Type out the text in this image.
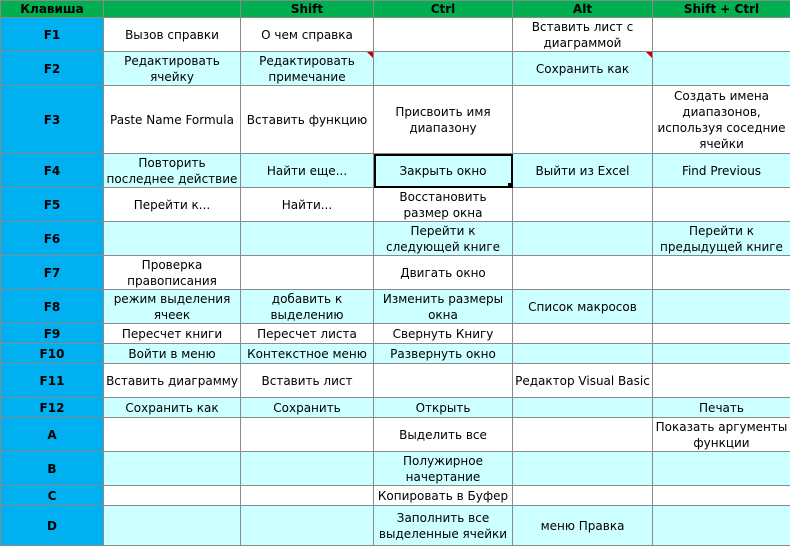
Клавиша		Shift	Ctrl	Alt	Shift + Ctrl
F1	Вызов справки	О чем справка		Вставить лист с диаграммой	
F2	Редактировать ячейку	Редактировать примечание		Сохранить как

F3	Paste Name Formula	Вставить функцию	Присвоить имя диапазону		Создать имена диапазонов, используя соседние ячейки
F4	Повторить последнее действие	Найти еще...	Закрыть окно	Выйти из Excel	Find Previous
F5	Перейти к...	Найти...	Восстановить размер окна		
F6			Перейти к следующей книге		Перейти к предыдущей книге
F7	Проверка правописания		Двигать окно		
F8	режим выделения ячеек	добавить к выделению	Изменить размеры окна	Список макросов	
F9	Пересчет книги	Пересчет листа	Свернуть Книгу		
F10	Войти в меню	Контекстное меню	Развернуть окно		
F11	Вставить диаграмму	Вставить лист		Редактор Visual Basic	
F12	Сохранить как	Сохранить	Открыть		Печать
A			Выделить все		Показать аргументы функции
B			Полужирное начертание		
C			Копировать в Буфер		
D			Заполнить все выделенные ячейки	меню Правка	
